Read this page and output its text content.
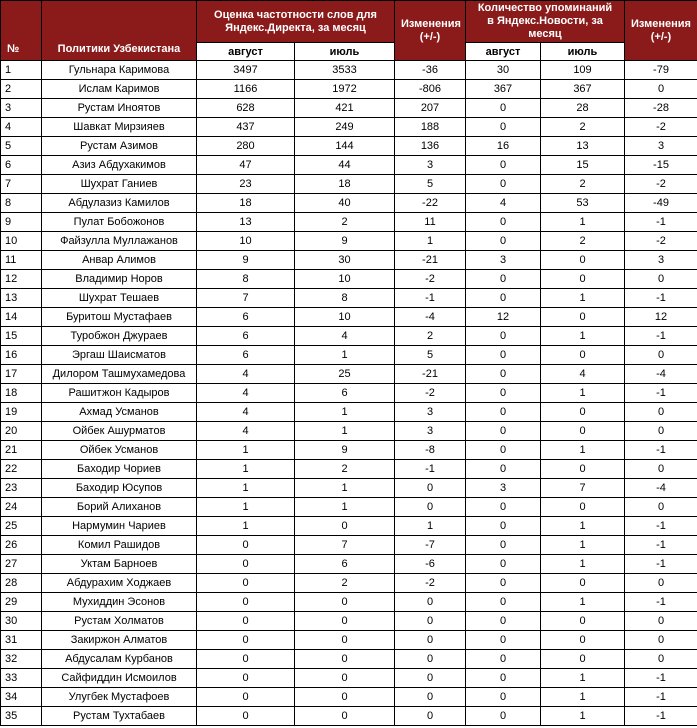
№	Политики Узбекистана	Оценка частотности слов для Яндекс.Директа, за месяц		Изменения (+/-)	Количество упоминаний в Яндекс.Новости, за месяц		Изменения (+/-)
		август	июль		август	июль	
1	Гульнара Каримова	3497	3533	-36	30	109	-79
2	Ислам Каримов	1166	1972	-806	367	367	0
3	Рустам Иноятов	628	421	207	0	28	-28
4	Шавкат Мирзияев	437	249	188	0	2	-2
5	Рустам Азимов	280	144	136	16	13	3
6	Азиз Абдухакимов	47	44	3	0	15	-15
7	Шухрат Ганиев	23	18	5	0	2	-2
8	Абдулазиз Камилов	18	40	-22	4	53	-49
9	Пулат Бобожонов	13	2	11	0	1	-1
10	Файзулла Муллажанов	10	9	1	0	2	-2
11	Анвар Алимов	9	30	-21	3	0	3
12	Владимир Норов	8	10	-2	0	0	0
13	Шухрат Тешаев	7	8	-1	0	1	-1
14	Буритош Мустафаев	6	10	-4	12	0	12
15	Туробжон Джураев	6	4	2	0	1	-1
16	Эргаш Шаисматов	6	1	5	0	0	0
17	Дилором Ташмухамедова	4	25	-21	0	4	-4
18	Рашитжон Кадыров	4	6	-2	0	1	-1
19	Ахмад Усманов	4	1	3	0	0	0
20	Ойбек Ашурматов	4	1	3	0	0	0
21	Ойбек Усманов	1	9	-8	0	1	-1
22	Баходир Чориев	1	2	-1	0	0	0
23	Баходир Юсупов	1	1	0	3	7	-4
24	Борий Алиханов	1	1	0	0	0	0
25	Нармумин Чариев	1	0	1	0	1	-1
26	Комил Рашидов	0	7	-7	0	1	-1
27	Уктам Барноев	0	6	-6	0	1	-1
28	Абдурахим Ходжаев	0	2	-2	0	0	0
29	Мухиддин Эсонов	0	0	0	0	1	-1
30	Рустам Холматов	0	0	0	0	0	0
31	Закиржон Алматов	0	0	0	0	0	0
32	Абдусалам Курбанов	0	0	0	0	0	0
33	Сайфиддин Исмоилов	0	0	0	0	1	-1
34	Улугбек Мустафоев	0	0	0	0	1	-1
35	Рустам Тухтабаев	0	0	0	0	1	-1
